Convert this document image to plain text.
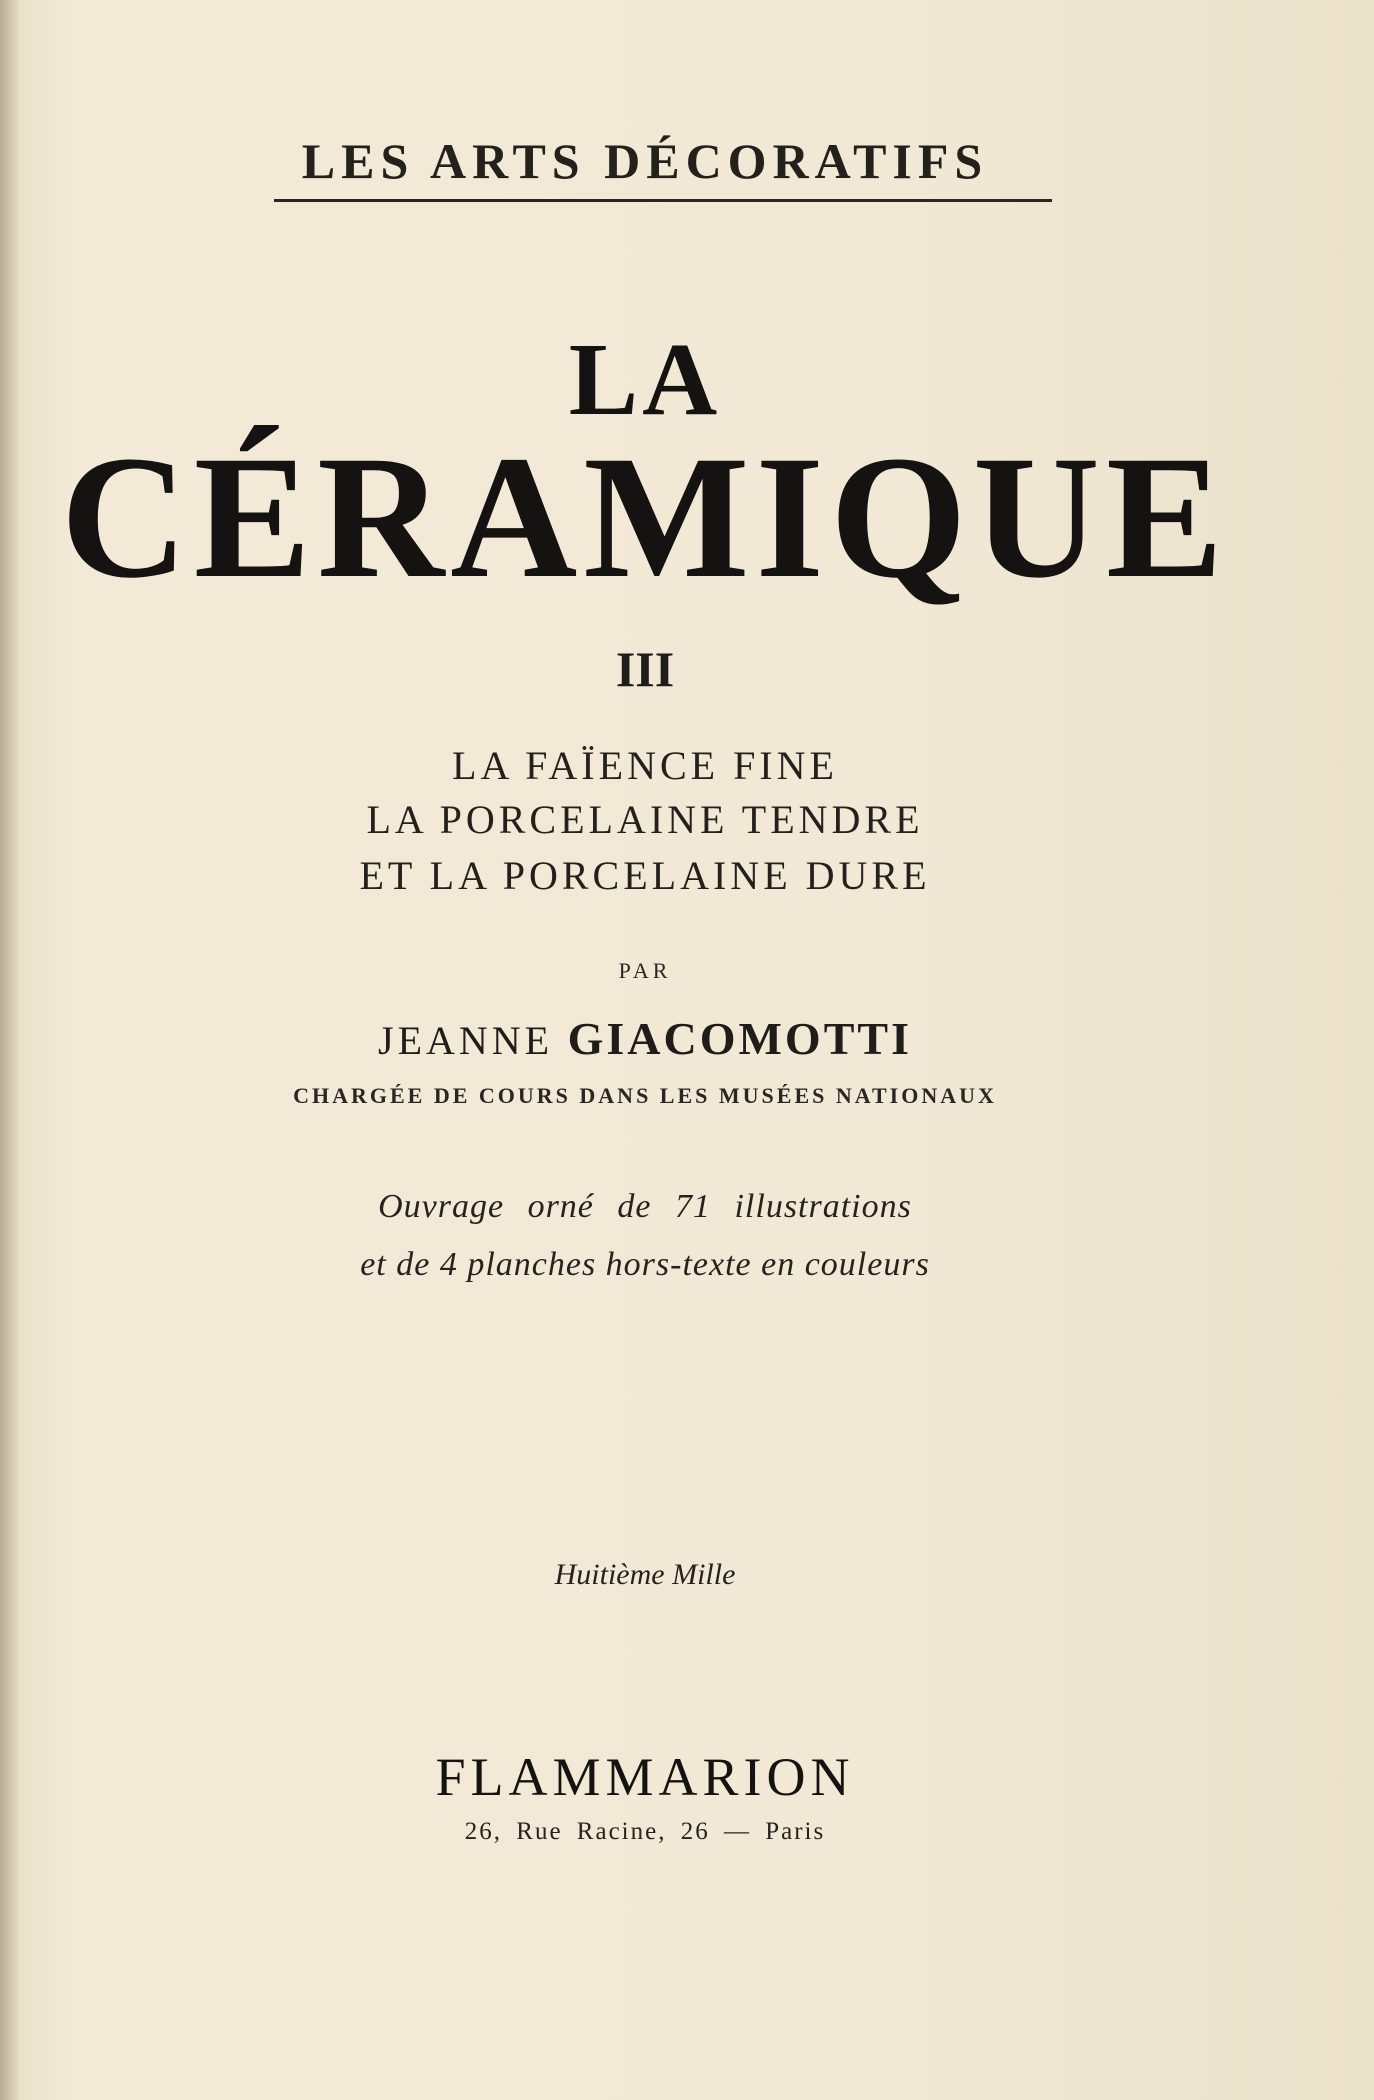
LES ARTS DÉCORATIFS
LA
CÉRAMIQUE
III
LA FAÏENCE FINE
LA PORCELAINE TENDRE
ET LA PORCELAINE DURE
PAR
JEANNE GIACOMOTTI
CHARGÉE DE COURS DANS LES MUSÉES NATIONAUX
Ouvrage orné de 71 illustrations
et de 4 planches hors-texte en couleurs
Huitième Mille
FLAMMARION
26, Rue Racine, 26 — Paris
